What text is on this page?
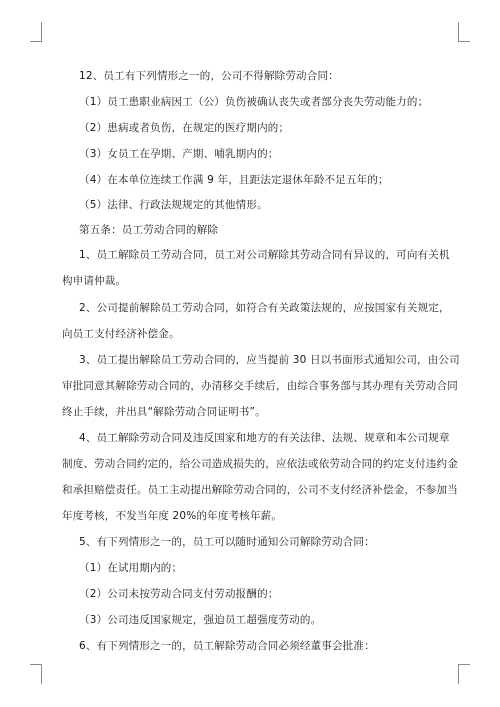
12、员工有下列情形之一的，公司不得解除劳动合同：
（1）员工患职业病因工（公）负伤被确认丧失或者部分丧失劳动能力的；
（2）患病或者负伤，在规定的医疗期内的；
（3）女员工在孕期、产期、哺乳期内的；
（4）在本单位连续工作满 9 年，且距法定退休年龄不足五年的；
（5）法律、行政法规规定的其他情形。
第五条：员工劳动合同的解除
1、员工解除员工劳动合同，员工对公司解除其劳动合同有异议的，可向有关机
构申请仲裁。
2、公司提前解除员工劳动合同，如符合有关政策法规的，应按国家有关规定，
向员工支付经济补偿金。
3、员工提出解除员工劳动合同的，应当提前 30 日以书面形式通知公司，由公司
审批同意其解除劳动合同的，办清移交手续后，由综合事务部与其办理有关劳动合同
终止手续，并出具“解除劳动合同证明书”。
4、员工解除劳动合同及违反国家和地方的有关法律、法规、规章和本公司规章
制度、劳动合同约定的，给公司造成损失的，应依法或依劳动合同的约定支付违约金
和承担赔偿责任。员工主动提出解除劳动合同的，公司不支付经济补偿金，不参加当
年度考核，不发当年度 20%的年度考核年薪。
5、有下列情形之一的，员工可以随时通知公司解除劳动合同：
（1）在试用期内的；
（2）公司未按劳动合同支付劳动报酬的；
（3）公司违反国家规定，强迫员工超强度劳动的。
6、有下列情形之一的，员工解除劳动合同必须经董事会批准：
